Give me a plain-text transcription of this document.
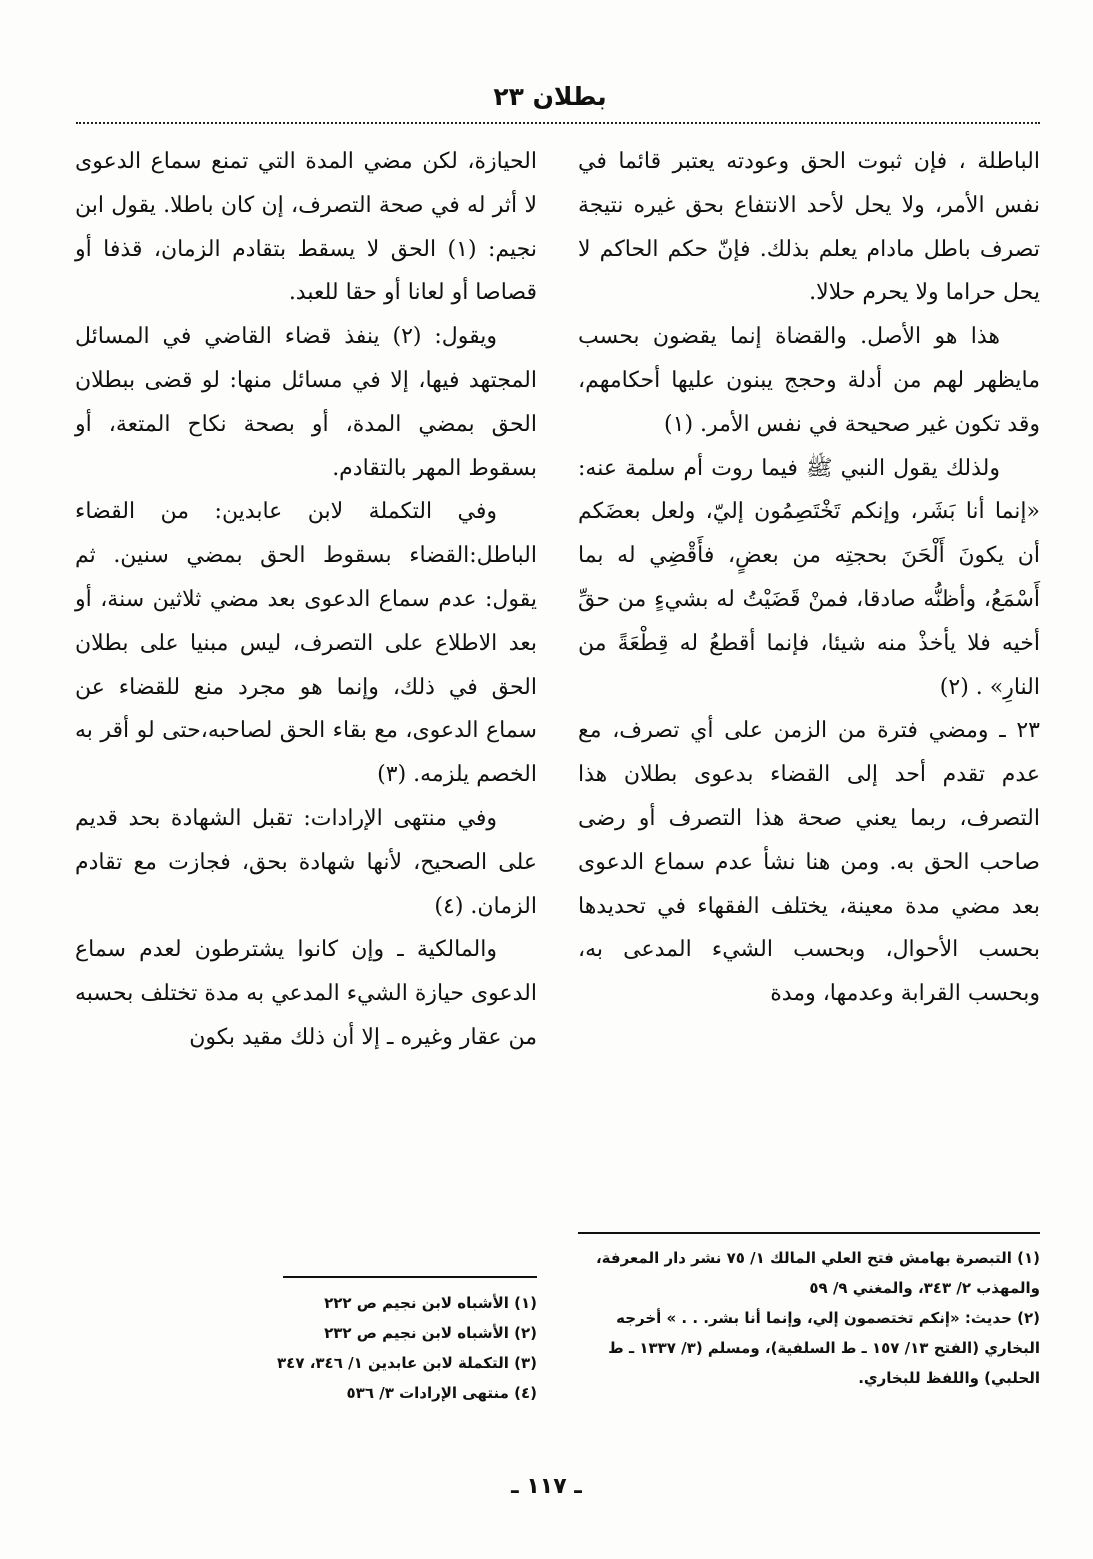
بطلان ٢٣

الباطلة ، فإن ثبوت الحق وعودته يعتبر قائما في نفس الأمر، ولا يحل لأحد الانتفاع بحق غيره نتيجة تصرف باطل مادام يعلم بذلك. فإنّ حكم الحاكم لا يحل حراما ولا يحرم حلالا.

هذا هو الأصل. والقضاة إنما يقضون بحسب مايظهر لهم من أدلة وحجج يبنون عليها أحكامهم، وقد تكون غير صحيحة في نفس الأمر. (١)

ولذلك يقول النبي ﷺ فيما روت أم سلمة عنه: «إنما أنا بَشَر، وإنكم تَخْتَصِمُون إليّ، ولعل بعضَكم أن يكونَ أَلْحَنَ بحجتِه من بعضٍ، فأَقْضِي له بما أَسْمَعُ، وأظنُّه صادقا، فمنْ قَضَيْتُ له بشيءٍ من حقِّ أخيه فلا يأخذْ منه شيئا، فإنما أقطعُ له قِطْعَةً من النارِ» . (٢)

٢٣ ـ ومضي فترة من الزمن على أي تصرف، مع عدم تقدم أحد إلى القضاء بدعوى بطلان هذا التصرف، ربما يعني صحة هذا التصرف أو رضى صاحب الحق به. ومن هنا نشأ عدم سماع الدعوى بعد مضي مدة معينة، يختلف الفقهاء في تحديدها بحسب الأحوال، وبحسب الشيء المدعى به، وبحسب القرابة وعدمها، ومدة

الحيازة، لكن مضي المدة التي تمنع سماع الدعوى لا أثر له في صحة التصرف، إن كان باطلا. يقول ابن نجيم: (١) الحق لا يسقط بتقادم الزمان، قذفا أو قصاصا أو لعانا أو حقا للعبد.

ويقول: (٢) ينفذ قضاء القاضي في المسائل المجتهد فيها، إلا في مسائل منها: لو قضى ببطلان الحق بمضي المدة، أو بصحة نكاح المتعة، أو بسقوط المهر بالتقادم.

وفي التكملة لابن عابدين: من القضاء الباطل:القضاء بسقوط الحق بمضي سنين. ثم يقول: عدم سماع الدعوى بعد مضي ثلاثين سنة، أو بعد الاطلاع على التصرف، ليس مبنيا على بطلان الحق في ذلك، وإنما هو مجرد منع للقضاء عن سماع الدعوى، مع بقاء الحق لصاحبه،حتى لو أقر به الخصم يلزمه. (٣)

وفي منتهى الإرادات: تقبل الشهادة بحد قديم على الصحيح، لأنها شهادة بحق، فجازت مع تقادم الزمان. (٤)

والمالكية ـ وإن كانوا يشترطون لعدم سماع الدعوى حيازة الشيء المدعي به مدة تختلف بحسبه من عقار وغيره ـ إلا أن ذلك مقيد بكون

(١) التبصرة بهامش فتح العلي المالك ١/ ٧٥ نشر دار المعرفة، والمهذب ٢/ ٣٤٣، والمغني ٩/ ٥٩

(٢) حديث: «إنكم تختصمون إلي، وإنما أنا بشر. . . » أخرجه البخاري (الفتح ١٣/ ١٥٧ ـ ط السلفية)، ومسلم (٣/ ١٣٣٧ ـ ط الحلبي) واللفظ للبخاري.

(١) الأشباه لابن نجيم ص ٢٢٢

(٢) الأشباه لابن نجيم ص ٢٣٢

(٣) التكملة لابن عابدين ١/ ٣٤٦، ٣٤٧

(٤) منتهى الإرادات ٣/ ٥٣٦

ـ ١١٧ ـ
